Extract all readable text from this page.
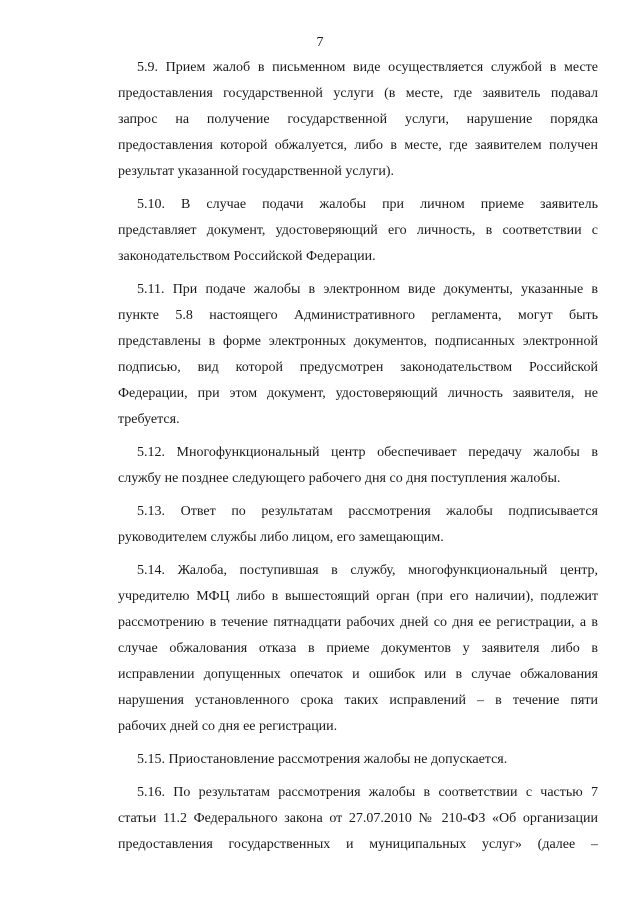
7

5.9. Прием жалоб в письменном виде осуществляется службой в месте
предоставления государственной услуги (в месте, где заявитель подавал
запрос на получение государственной услуги, нарушение порядка
предоставления которой обжалуется, либо в месте, где заявителем получен
результат указанной государственной услуги).

5.10. В случае подачи жалобы при личном приеме заявитель
представляет документ, удостоверяющий его личность, в соответствии с
законодательством Российской Федерации.

5.11. При подаче жалобы в электронном виде документы, указанные в
пункте 5.8 настоящего Административного регламента, могут быть
представлены в форме электронных документов, подписанных электронной
подписью, вид которой предусмотрен законодательством Российской
Федерации, при этом документ, удостоверяющий личность заявителя, не
требуется.

5.12. Многофункциональный центр обеспечивает передачу жалобы в
службу не позднее следующего рабочего дня со дня поступления жалобы.

5.13. Ответ по результатам рассмотрения жалобы подписывается
руководителем службы либо лицом, его замещающим.

5.14. Жалоба, поступившая в службу, многофункциональный центр,
учредителю МФЦ либо в вышестоящий орган (при его наличии), подлежит
рассмотрению в течение пятнадцати рабочих дней со дня ее регистрации, а в
случае обжалования отказа в приеме документов у заявителя либо в
исправлении допущенных опечаток и ошибок или в случае обжалования
нарушения установленного срока таких исправлений – в течение пяти
рабочих дней со дня ее регистрации.

5.15. Приостановление рассмотрения жалобы не допускается.

5.16. По результатам рассмотрения жалобы в соответствии с частью 7
статьи 11.2 Федерального закона от 27.07.2010 № 210-ФЗ «Об организации
предоставления государственных и муниципальных услуг» (далее –
